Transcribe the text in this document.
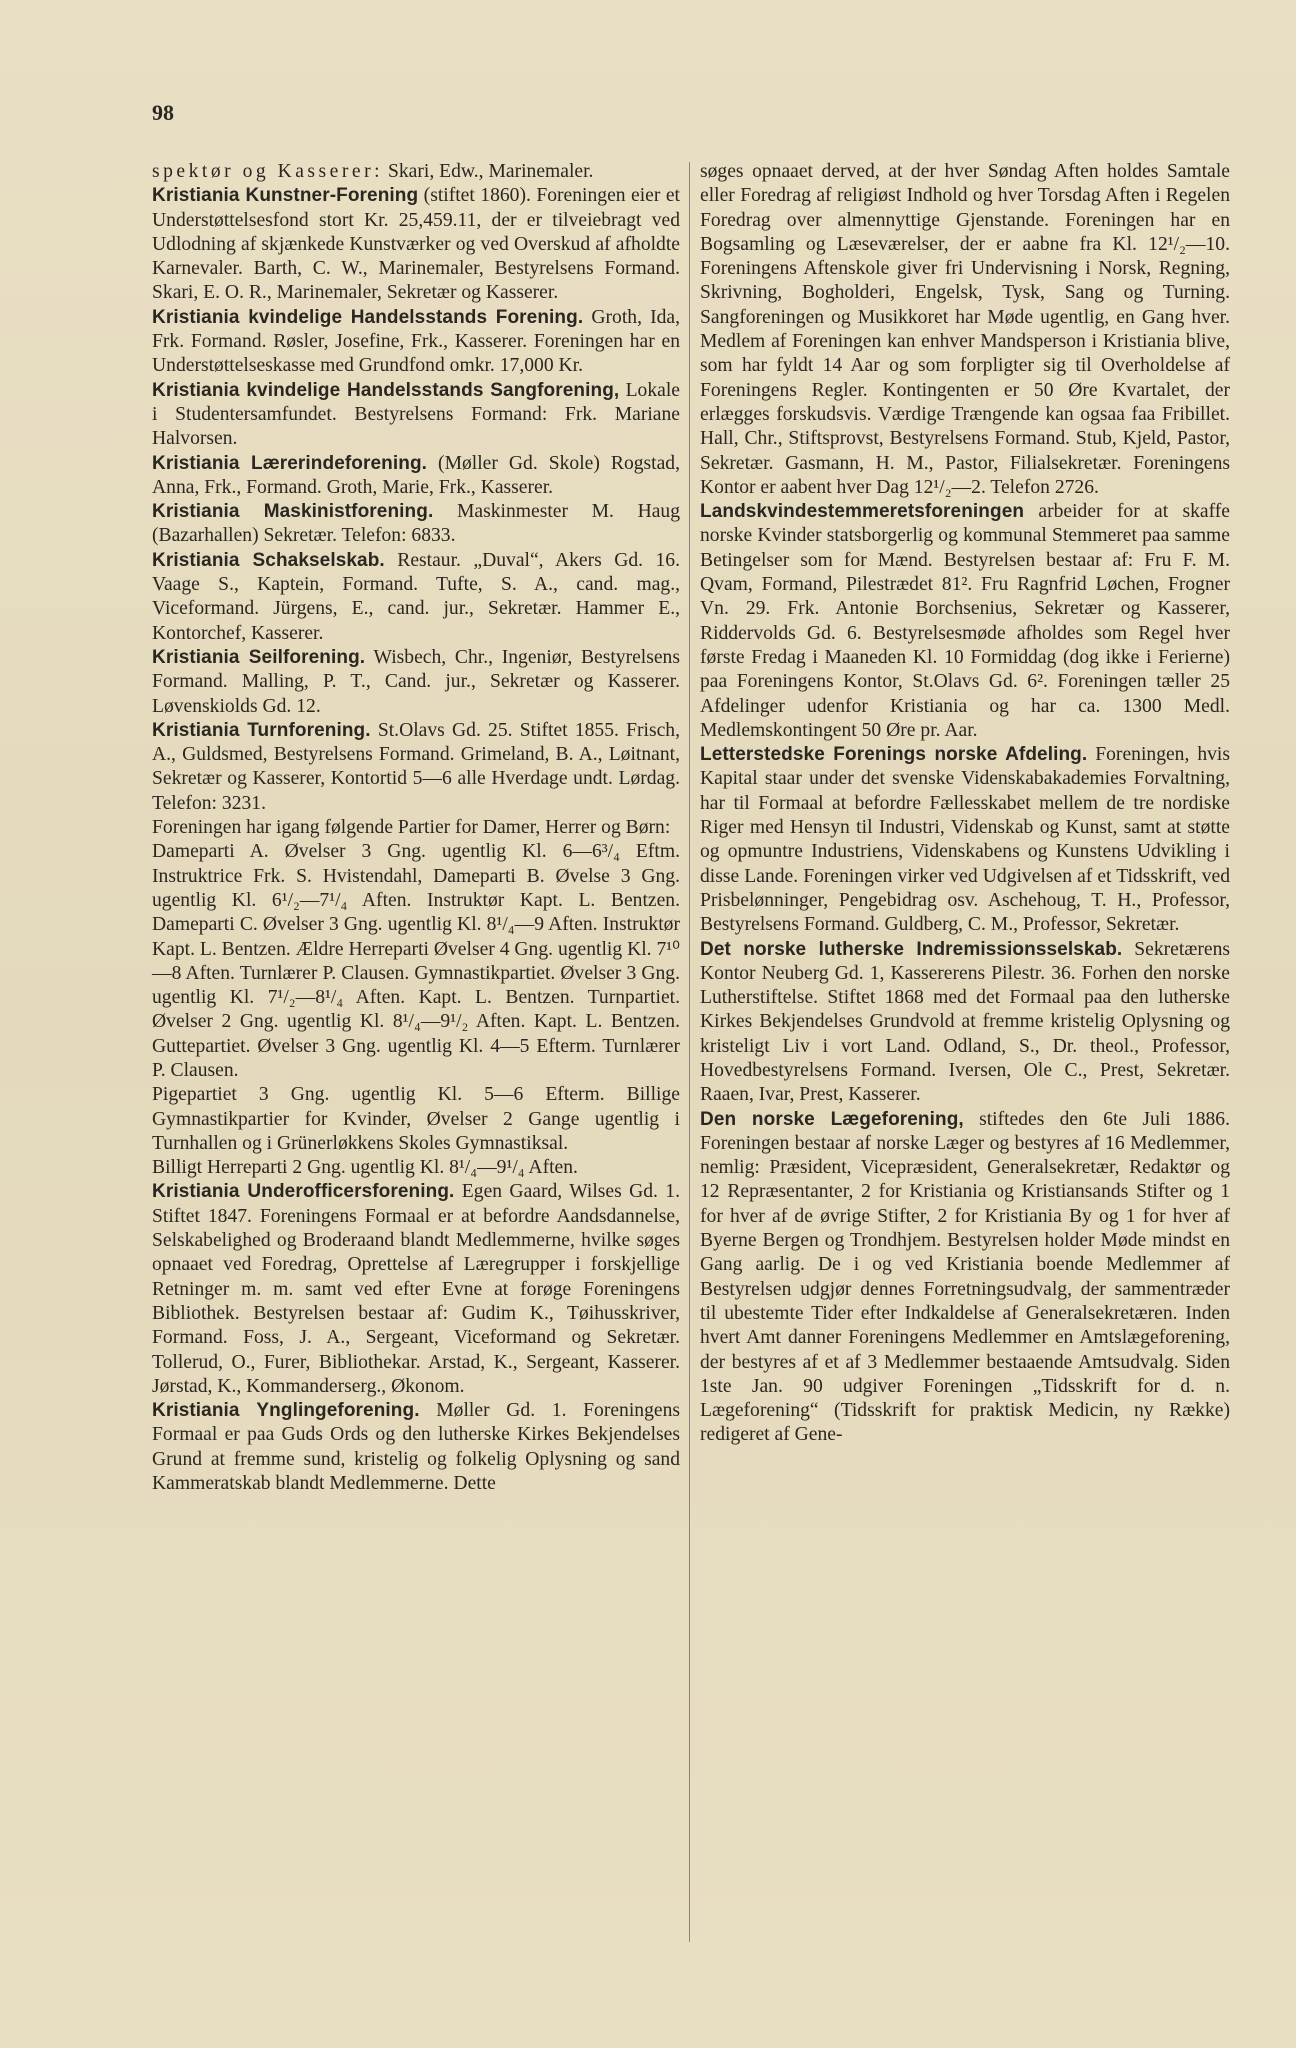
98

spektør og Kasserer: Skari, Edw., Marinemaler.

Kristiania Kunstner-Forening (stiftet 1860). Foreningen eier et Understøttelsesfond stort Kr. 25,459.11, der er tilveiebragt ved Udlodning af skjænkede Kunstværker og ved Overskud af afholdte Karnevaler. Barth, C. W., Marinemaler, Bestyrelsens Formand. Skari, E. O. R., Marinemaler, Sekretær og Kasserer.

Kristiania kvindelige Handelsstands Forening. Groth, Ida, Frk. Formand. Røsler, Josefine, Frk., Kasserer. Foreningen har en Understøttelseskasse med Grundfond omkr. 17,000 Kr.

Kristiania kvindelige Handelsstands Sangforening, Lokale i Studentersamfundet. Bestyrelsens Formand: Frk. Mariane Halvorsen.

Kristiania Lærerindeforening. (Møller Gd. Skole) Rogstad, Anna, Frk., Formand. Groth, Marie, Frk., Kasserer.

Kristiania Maskinistforening. Maskinmester M. Haug (Bazarhallen) Sekretær. Telefon: 6833.

Kristiania Schakselskab. Restaur. „Duval“, Akers Gd. 16. Vaage S., Kaptein, Formand. Tufte, S. A., cand. mag., Viceformand. Jürgens, E., cand. jur., Sekretær. Hammer E., Kontorchef, Kasserer.

Kristiania Seilforening. Wisbech, Chr., Ingeniør, Bestyrelsens Formand. Malling, P. T., Cand. jur., Sekretær og Kasserer. Løvenskiolds Gd. 12.

Kristiania Turnforening. St.Olavs Gd. 25. Stiftet 1855. Frisch, A., Guldsmed, Bestyrelsens Formand. Grimeland, B. A., Løitnant, Sekretær og Kasserer, Kontortid 5—6 alle Hverdage undt. Lørdag. Telefon: 3231.

Foreningen har igang følgende Partier for Damer, Herrer og Børn:

Dameparti A. Øvelser 3 Gng. ugentlig Kl. 6—6³/₄ Eftm. Instruktrice Frk. S. Hvistendahl, Dameparti B. Øvelse 3 Gng. ugentlig Kl. 6¹/₂—7¹/₄ Aften. Instruktør Kapt. L. Bentzen. Dameparti C. Øvelser 3 Gng. ugentlig Kl. 8¹/₄—9 Aften. Instruktør Kapt. L. Bentzen. Ældre Herreparti Øvelser 4 Gng. ugentlig Kl. 7¹⁰—8 Aften. Turnlærer P. Clausen. Gymnastikpartiet. Øvelser 3 Gng. ugentlig Kl. 7¹/₂—8¹/₄ Aften. Kapt. L. Bentzen. Turnpartiet. Øvelser 2 Gng. ugentlig Kl. 8¹/₄—9¹/₂ Aften. Kapt. L. Bentzen. Guttepartiet. Øvelser 3 Gng. ugentlig Kl. 4—5 Efterm. Turnlærer P. Clausen.

Pigepartiet 3 Gng. ugentlig Kl. 5—6 Efterm. Billige Gymnastikpartier for Kvinder, Øvelser 2 Gange ugentlig i Turnhallen og i Grünerløkkens Skoles Gymnastiksal.

Billigt Herreparti 2 Gng. ugentlig Kl. 8¹/₄—9¹/₄ Aften.

Kristiania Underofficersforening. Egen Gaard, Wilses Gd. 1. Stiftet 1847. Foreningens Formaal er at befordre Aandsdannelse, Selskabelighed og Broderaand blandt Medlemmerne, hvilke søges opnaaet ved Foredrag, Oprettelse af Læregrupper i forskjellige Retninger m. m. samt ved efter Evne at forøge Foreningens Bibliothek. Bestyrelsen bestaar af: Gudim K., Tøihusskriver, Formand. Foss, J. A., Sergeant, Viceformand og Sekretær. Tollerud, O., Furer, Bibliothekar. Arstad, K., Sergeant, Kasserer. Jørstad, K., Kommanderserg., Økonom.

Kristiania Ynglingeforening. Møller Gd. 1. Foreningens Formaal er paa Guds Ords og den lutherske Kirkes Bekjendelses Grund at fremme sund, kristelig og folkelig Oplysning og sand Kammeratskab blandt Medlemmerne. Dette

søges opnaaet derved, at der hver Søndag Aften holdes Samtale eller Foredrag af religiøst Indhold og hver Torsdag Aften i Regelen Foredrag over almennyttige Gjenstande. Foreningen har en Bogsamling og Læseværelser, der er aabne fra Kl. 12¹/₂—10. Foreningens Aftenskole giver fri Undervisning i Norsk, Regning, Skrivning, Bogholderi, Engelsk, Tysk, Sang og Turning. Sangforeningen og Musikkoret har Møde ugentlig, en Gang hver. Medlem af Foreningen kan enhver Mandsperson i Kristiania blive, som har fyldt 14 Aar og som forpligter sig til Overholdelse af Foreningens Regler. Kontingenten er 50 Øre Kvartalet, der erlægges forskudsvis. Værdige Trængende kan ogsaa faa Fribillet. Hall, Chr., Stiftsprovst, Bestyrelsens Formand. Stub, Kjeld, Pastor, Sekretær. Gasmann, H. M., Pastor, Filialsekretær. Foreningens Kontor er aabent hver Dag 12¹/₂—2. Telefon 2726.

Landskvindestemmeretsforeningen arbeider for at skaffe norske Kvinder statsborgerlig og kommunal Stemmeret paa samme Betingelser som for Mænd. Bestyrelsen bestaar af: Fru F. M. Qvam, Formand, Pilestrædet 81². Fru Ragnfrid Løchen, Frogner Vn. 29. Frk. Antonie Borchsenius, Sekretær og Kasserer, Riddervolds Gd. 6. Bestyrelsesmøde afholdes som Regel hver første Fredag i Maaneden Kl. 10 Formiddag (dog ikke i Ferierne) paa Foreningens Kontor, St.Olavs Gd. 6². Foreningen tæller 25 Afdelinger udenfor Kristiania og har ca. 1300 Medl. Medlemskontingent 50 Øre pr. Aar.

Letterstedske Forenings norske Afdeling. Foreningen, hvis Kapital staar under det svenske Videnskabakademies Forvaltning, har til Formaal at befordre Fællesskabet mellem de tre nordiske Riger med Hensyn til Industri, Videnskab og Kunst, samt at støtte og opmuntre Industriens, Videnskabens og Kunstens Udvikling i disse Lande. Foreningen virker ved Udgivelsen af et Tidsskrift, ved Prisbelønninger, Pengebidrag osv. Aschehoug, T. H., Professor, Bestyrelsens Formand. Guldberg, C. M., Professor, Sekretær.

Det norske lutherske Indremissionsselskab. Sekretærens Kontor Neuberg Gd. 1, Kassererens Pilestr. 36. Forhen den norske Lutherstiftelse. Stiftet 1868 med det Formaal paa den lutherske Kirkes Bekjendelses Grundvold at fremme kristelig Oplysning og kristeligt Liv i vort Land. Odland, S., Dr. theol., Professor, Hovedbestyrelsens Formand. Iversen, Ole C., Prest, Sekretær. Raaen, Ivar, Prest, Kasserer.

Den norske Lægeforening, stiftedes den 6te Juli 1886. Foreningen bestaar af norske Læger og bestyres af 16 Medlemmer, nemlig: Præsident, Vicepræsident, Generalsekretær, Redaktør og 12 Repræsentanter, 2 for Kristiania og Kristiansands Stifter og 1 for hver af de øvrige Stifter, 2 for Kristiania By og 1 for hver af Byerne Bergen og Trondhjem. Bestyrelsen holder Møde mindst en Gang aarlig. De i og ved Kristiania boende Medlemmer af Bestyrelsen udgjør dennes Forretningsudvalg, der sammentræder til ubestemte Tider efter Indkaldelse af Generalsekretæren. Inden hvert Amt danner Foreningens Medlemmer en Amtslægeforening, der bestyres af et af 3 Medlemmer bestaaende Amtsudvalg. Siden 1ste Jan. 90 udgiver Foreningen „Tidsskrift for d. n. Lægeforening“ (Tidsskrift for praktisk Medicin, ny Række) redigeret af Gene-
